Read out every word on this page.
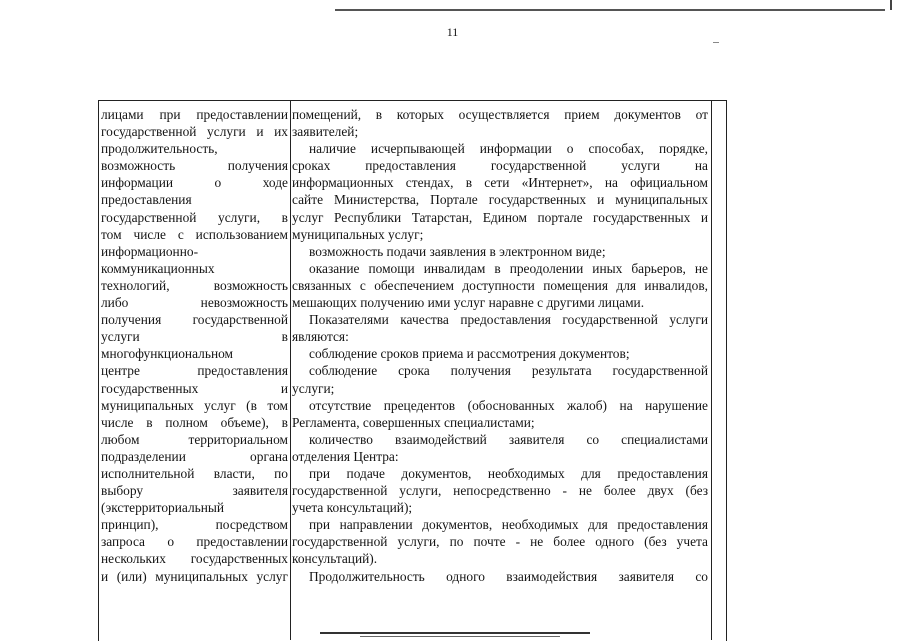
11
лицами при предоставлении
государственной услуги и их
продолжительность,
возможность получения
информации о ходе
предоставления
государственной услуги, в
том числе с использованием
информационно-
коммуникационных
технологий, возможность
либо невозможность
получения государственной
услуги в
многофункциональном
центре предоставления
государственных и
муниципальных услуг (в том
числе в полном объеме), в
любом территориальном
подразделении органа
исполнительной власти, по
выбору заявителя
(экстерриториальный
принцип), посредством
запроса о предоставлении
нескольких государственных
и (или) муниципальных услуг
помещений, в которых осуществляется прием документов от
заявителей;
наличие исчерпывающей информации о способах, порядке,
сроках предоставления государственной услуги на
информационных стендах, в сети «Интернет», на официальном
сайте Министерства, Портале государственных и муниципальных
услуг Республики Татарстан, Едином портале государственных и
муниципальных услуг;
возможность подачи заявления в электронном виде;
оказание помощи инвалидам в преодолении иных барьеров, не
связанных с обеспечением доступности помещения для инвалидов,
мешающих получению ими услуг наравне с другими лицами.
Показателями качества предоставления государственной услуги
являются:
соблюдение сроков приема и рассмотрения документов;
соблюдение срока получения результата государственной
услуги;
отсутствие прецедентов (обоснованных жалоб) на нарушение
Регламента, совершенных специалистами;
количество взаимодействий заявителя со специалистами
отделения Центра:
при подаче документов, необходимых для предоставления
государственной услуги, непосредственно - не более двух (без
учета консультаций);
при направлении документов, необходимых для предоставления
государственной услуги, по почте - не более одного (без учета
консультаций).
Продолжительность одного взаимодействия заявителя со
